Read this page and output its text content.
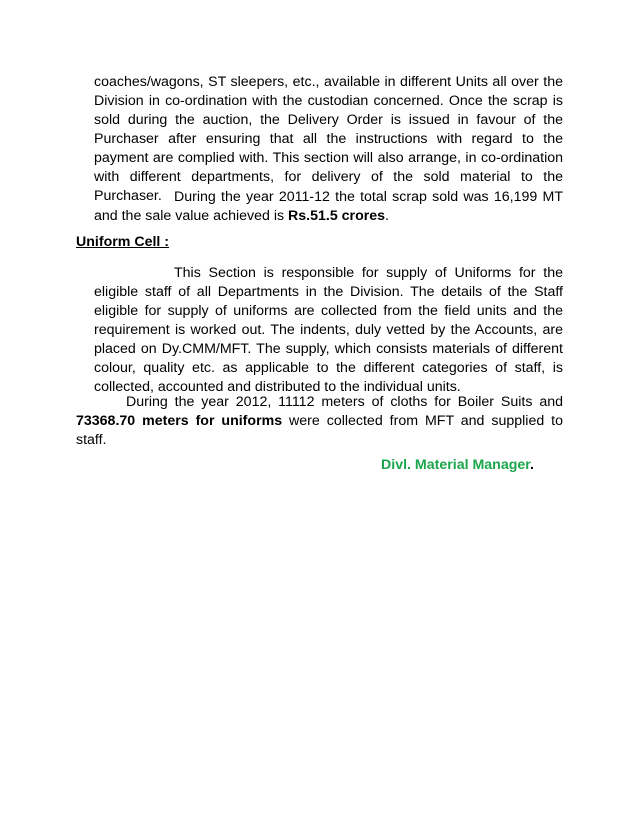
coaches/wagons, ST sleepers, etc., available in different Units all over the Division in co-ordination with the custodian concerned. Once the scrap is sold during the auction, the Delivery Order is issued in favour of the Purchaser after ensuring that all the instructions with regard to the payment are complied with. This section will also arrange, in co-ordination with different departments, for delivery of the sold material to the Purchaser. During the year 2011-12 the total scrap sold was 16,199 MT and the sale value achieved is Rs.51.5 crores.

Uniform Cell :

This Section is responsible for supply of Uniforms for the eligible staff of all Departments in the Division. The details of the Staff eligible for supply of uniforms are collected from the field units and the requirement is worked out. The indents, duly vetted by the Accounts, are placed on Dy.CMM/MFT. The supply, which consists materials of different colour, quality etc. as applicable to the different categories of staff, is collected, accounted and distributed to the individual units.

During the year 2012, 11112 meters of cloths for Boiler Suits and 73368.70 meters for uniforms were collected from MFT and supplied to staff.

Divl. Material Manager.
